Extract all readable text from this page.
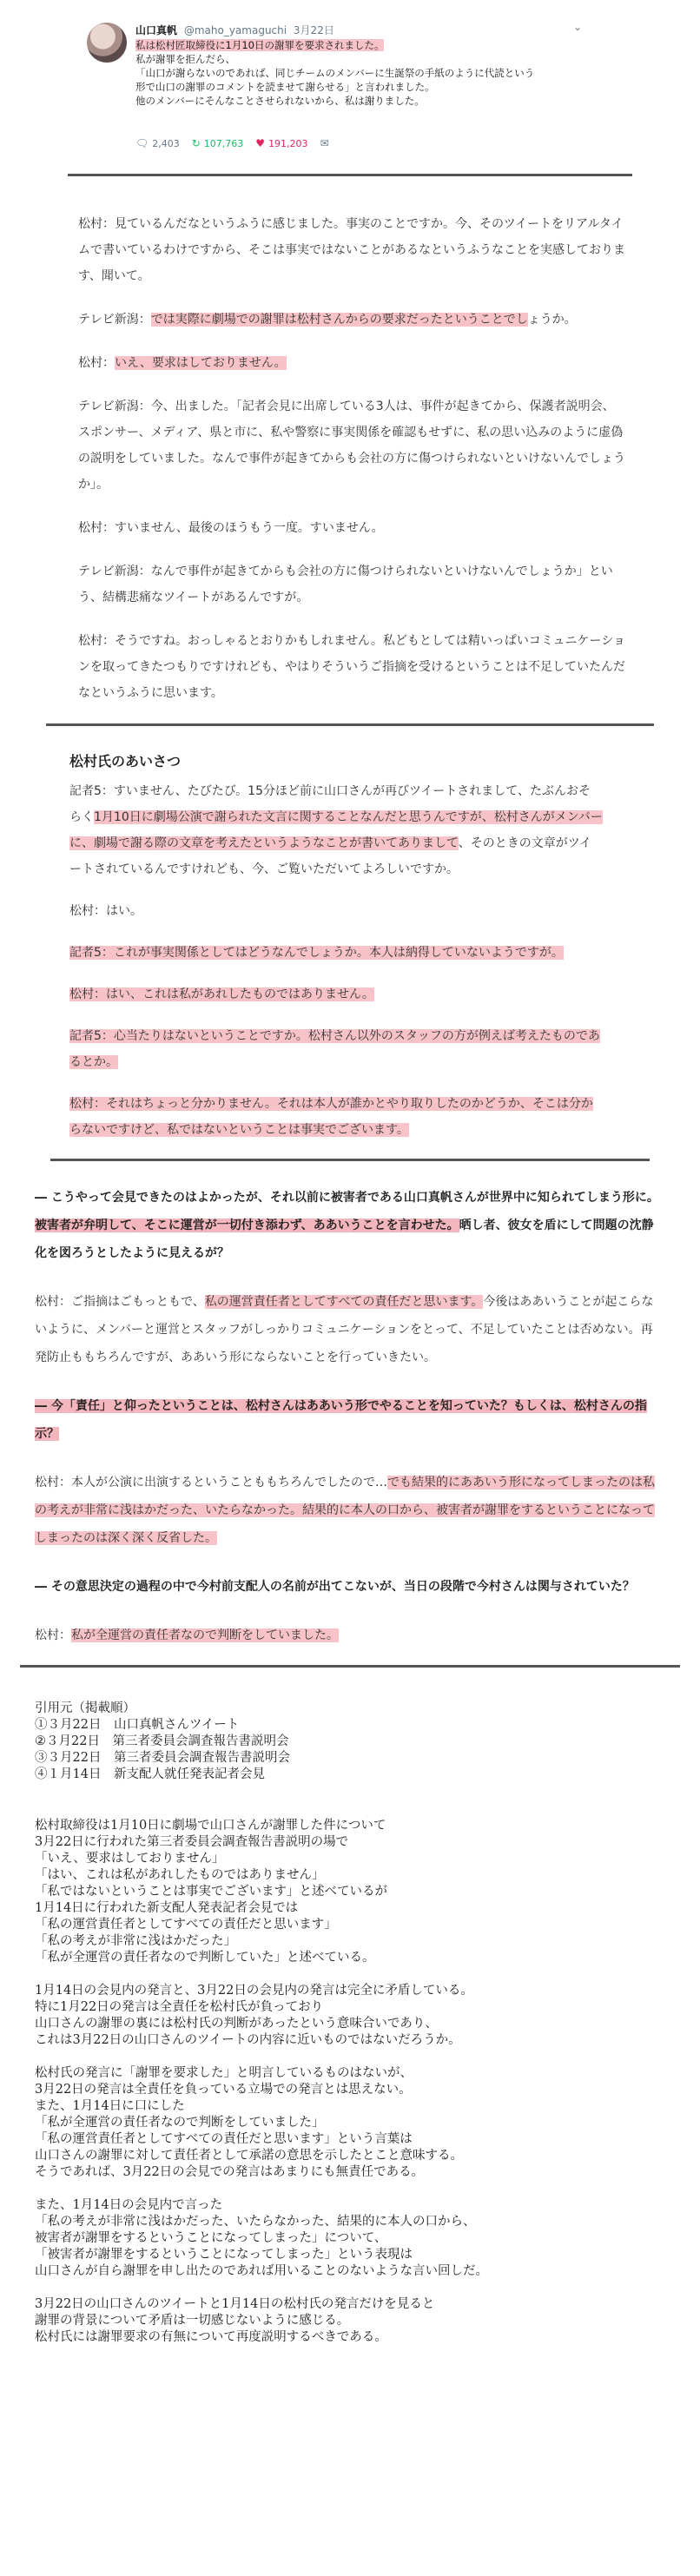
山口真帆 @maho_yamaguchi 3月22日	⌄

私は松村匠取締役に1月10日の謝罪を要求されました。

私が謝罪を拒んだら、

「山口が謝らないのであれば、同じチームのメンバーに生誕祭の手紙のように代読という形で山口の謝罪のコメントを読ませて謝らせる」と言われました。

他のメンバーにそんなことさせられないから、私は謝りました。

🗨 2,403 ↻ 107,763 ♥ 191,203 ✉

松村：見ているんだなというふうに感じました。事実のことですか。今、そのツイートをリアルタイムで書いているわけですから、そこは事実ではないことがあるなというふうなことを実感しております、聞いて。

テレビ新潟：では実際に劇場での謝罪は松村さんからの要求だったということでしょうか。

松村：いえ、要求はしておりません。

テレビ新潟：今、出ました。「記者会見に出席している3人は、事件が起きてから、保護者説明会、スポンサー、メディア、県と市に、私や警察に事実関係を確認もせずに、私の思い込みのように虚偽の説明をしていました。なんで事件が起きてからも会社の方に傷つけられないといけないんでしょうか」。

松村：すいません、最後のほうもう一度。すいません。

テレビ新潟：なんで事件が起きてからも会社の方に傷つけられないといけないんでしょうか」という、結構悲痛なツイートがあるんですが。

松村：そうですね。おっしゃるとおりかもしれません。私どもとしては精いっぱいコミュニケーションを取ってきたつもりですけれども、やはりそういうご指摘を受けるということは不足していたんだなというふうに思います。

松村氏のあいさつ

記者5：すいません、たびたび。15分ほど前に山口さんが再びツイートされまして、たぶんおそらく1月10日に劇場公演で謝られた文言に関することなんだと思うんですが、松村さんがメンバーに、劇場で謝る際の文章を考えたというようなことが書いてありまして、そのときの文章がツイートされているんですけれども、今、ご覧いただいてよろしいですか。

松村：はい。

記者5：これが事実関係としてはどうなんでしょうか。本人は納得していないようですが。

松村：はい、これは私があれしたものではありません。

記者5：心当たりはないということですか。松村さん以外のスタッフの方が例えば考えたものであるとか。

松村：それはちょっと分かりません。それは本人が誰かとやり取りしたのかどうか、そこは分からないですけど、私ではないということは事実でございます。

― こうやって会見できたのはよかったが、それ以前に被害者である山口真帆さんが世界中に知られてしまう形に。被害者が弁明して、そこに運営が一切付き添わず、ああいうことを言わせた。晒し者、彼女を盾にして問題の沈静化を図ろうとしたように見えるが？

松村：ご指摘はごもっともで、私の運営責任者としてすべての責任だと思います。今後はああいうことが起こらないように、メンバーと運営とスタッフがしっかりコミュニケーションをとって、不足していたことは否めない。再発防止ももちろんですが、ああいう形にならないことを行っていきたい。

― 今「責任」と仰ったということは、松村さんはああいう形でやることを知っていた？もしくは、松村さんの指示？

松村：本人が公演に出演するということももちろんでしたので…でも結果的にああいう形になってしまったのは私の考えが非常に浅はかだった、いたらなかった。結果的に本人の口から、被害者が謝罪をするということになってしまったのは深く深く反省した。

― その意思決定の過程の中で今村前支配人の名前が出てこないが、当日の段階で今村さんは関与されていた？

松村：私が全運営の責任者なので判断をしていました。

引用元（掲載順）
①３月22日　山口真帆さんツイート
②３月22日　第三者委員会調査報告書説明会
③３月22日　第三者委員会調査報告書説明会
④１月14日　新支配人就任発表記者会見

松村取締役は1月10日に劇場で山口さんが謝罪した件について
3月22日に行われた第三者委員会調査報告書説明の場で
「いえ、要求はしておりません」
「はい、これは私があれしたものではありません」
「私ではないということは事実でございます」と述べているが
1月14日に行われた新支配人発表記者会見では
「私の運営責任者としてすべての責任だと思います」
「私の考えが非常に浅はかだった」
「私が全運営の責任者なので判断していた」と述べている。

1月14日の会見内の発言と、3月22日の会見内の発言は完全に矛盾している。
特に1月22日の発言は全責任を松村氏が負っており
山口さんの謝罪の裏には松村氏の判断があったという意味合いであり、
これは3月22日の山口さんのツイートの内容に近いものではないだろうか。

松村氏の発言に「謝罪を要求した」と明言しているものはないが、
3月22日の発言は全責任を負っている立場での発言とは思えない。
また、1月14日に口にした
「私が全運営の責任者なので判断をしていました」
「私の運営責任者としてすべての責任だと思います」という言葉は
山口さんの謝罪に対して責任者として承諾の意思を示したとこと意味する。
そうであれば、3月22日の会見での発言はあまりにも無責任である。

また、1月14日の会見内で言った
「私の考えが非常に浅はかだった、いたらなかった、結果的に本人の口から、
被害者が謝罪をするということになってしまった」について、
「被害者が謝罪をするということになってしまった」という表現は
山口さんが自ら謝罪を申し出たのであれば用いることのないような言い回しだ。

3月22日の山口さんのツイートと1月14日の松村氏の発言だけを見ると
謝罪の背景について矛盾は一切感じないように感じる。
松村氏には謝罪要求の有無について再度説明するべきである。
